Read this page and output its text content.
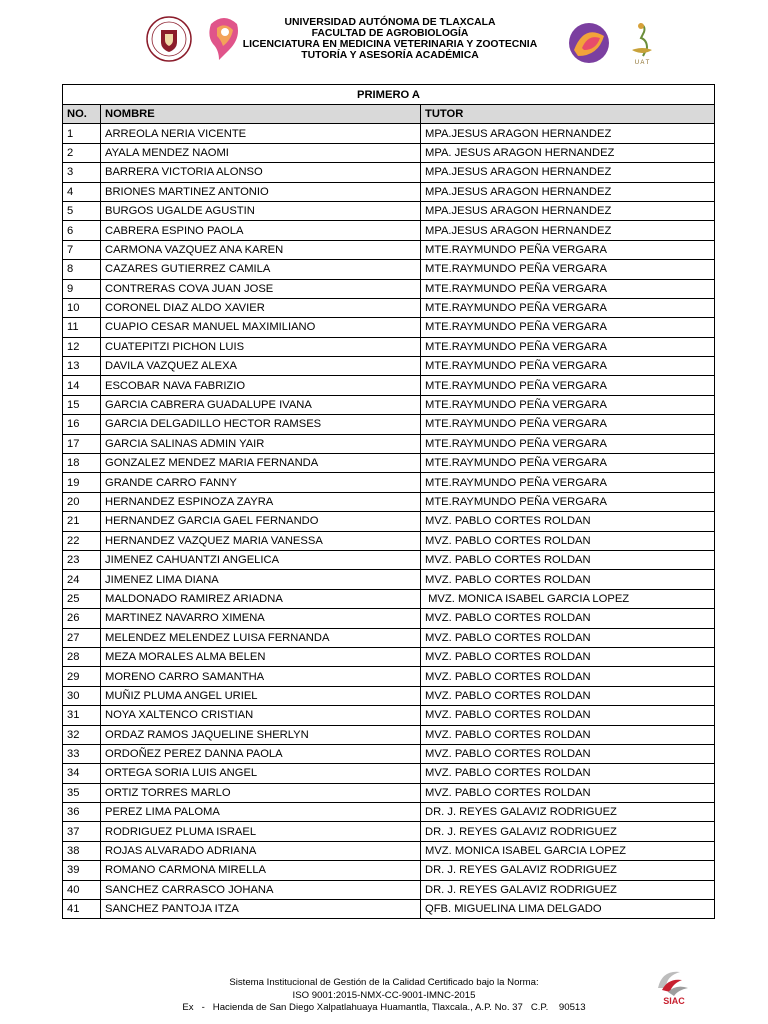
UNIVERSIDAD AUTÓNOMA DE TLAXCALA
FACULTAD DE AGROBIOLOGÍA
LICENCIATURA EN MEDICINA VETERINARIA Y ZOOTECNIA
TUTORÍA Y ASESORÍA ACADÉMICA
U A T
PRIMERO A		
NO.	NOMBRE	TUTOR
1	ARREOLA NERIA VICENTE	MPA.JESUS ARAGON HERNANDEZ
2	AYALA MENDEZ NAOMI	MPA. JESUS ARAGON HERNANDEZ
3	BARRERA VICTORIA ALONSO	MPA.JESUS ARAGON HERNANDEZ
4	BRIONES MARTINEZ ANTONIO	MPA.JESUS ARAGON HERNANDEZ
5	BURGOS UGALDE AGUSTIN	MPA.JESUS ARAGON HERNANDEZ
6	CABRERA ESPINO PAOLA	MPA.JESUS ARAGON HERNANDEZ
7	CARMONA VAZQUEZ ANA KAREN	MTE.RAYMUNDO PEÑA VERGARA
8	CAZARES GUTIERREZ CAMILA	MTE.RAYMUNDO PEÑA VERGARA
9	CONTRERAS COVA JUAN JOSE	MTE.RAYMUNDO PEÑA VERGARA
10	CORONEL DIAZ ALDO XAVIER	MTE.RAYMUNDO PEÑA VERGARA
11	CUAPIO CESAR MANUEL MAXIMILIANO	MTE.RAYMUNDO PEÑA VERGARA
12	CUATEPITZI PICHON LUIS	MTE.RAYMUNDO PEÑA VERGARA
13	DAVILA VAZQUEZ ALEXA	MTE.RAYMUNDO PEÑA VERGARA
14	ESCOBAR NAVA FABRIZIO	MTE.RAYMUNDO PEÑA VERGARA
15	GARCIA CABRERA GUADALUPE IVANA	MTE.RAYMUNDO PEÑA VERGARA
16	GARCIA DELGADILLO HECTOR RAMSES	MTE.RAYMUNDO PEÑA VERGARA
17	GARCIA SALINAS ADMIN YAIR	MTE.RAYMUNDO PEÑA VERGARA
18	GONZALEZ MENDEZ MARIA FERNANDA	MTE.RAYMUNDO PEÑA VERGARA
19	GRANDE CARRO FANNY	MTE.RAYMUNDO PEÑA VERGARA
20	HERNANDEZ ESPINOZA ZAYRA	MTE.RAYMUNDO PEÑA VERGARA
21	HERNANDEZ GARCIA GAEL FERNANDO	MVZ. PABLO CORTES ROLDAN
22	HERNANDEZ VAZQUEZ MARIA VANESSA	MVZ. PABLO CORTES ROLDAN
23	JIMENEZ CAHUANTZI ANGELICA	MVZ. PABLO CORTES ROLDAN
24	JIMENEZ LIMA DIANA	MVZ. PABLO CORTES ROLDAN
25	MALDONADO RAMIREZ ARIADNA	MVZ. MONICA ISABEL GARCIA LOPEZ
26	MARTINEZ NAVARRO XIMENA	MVZ. PABLO CORTES ROLDAN
27	MELENDEZ MELENDEZ LUISA FERNANDA	MVZ. PABLO CORTES ROLDAN
28	MEZA MORALES ALMA BELEN	MVZ. PABLO CORTES ROLDAN
29	MORENO CARRO SAMANTHA	MVZ. PABLO CORTES ROLDAN
30	MUÑIZ PLUMA ANGEL URIEL	MVZ. PABLO CORTES ROLDAN
31	NOYA XALTENCO CRISTIAN	MVZ. PABLO CORTES ROLDAN
32	ORDAZ RAMOS JAQUELINE SHERLYN	MVZ. PABLO CORTES ROLDAN
33	ORDOÑEZ PEREZ DANNA PAOLA	MVZ. PABLO CORTES ROLDAN
34	ORTEGA SORIA LUIS ANGEL	MVZ. PABLO CORTES ROLDAN
35	ORTIZ TORRES MARLO	MVZ. PABLO CORTES ROLDAN
36	PEREZ LIMA PALOMA	DR. J. REYES GALAVIZ RODRIGUEZ
37	RODRIGUEZ PLUMA ISRAEL	DR. J. REYES GALAVIZ RODRIGUEZ
38	ROJAS ALVARADO ADRIANA	MVZ. MONICA ISABEL GARCIA LOPEZ
39	ROMANO CARMONA MIRELLA	DR. J. REYES GALAVIZ RODRIGUEZ
40	SANCHEZ CARRASCO JOHANA	DR. J. REYES GALAVIZ RODRIGUEZ
41	SANCHEZ PANTOJA ITZA	QFB. MIGUELINA LIMA DELGADO
Sistema Institucional de Gestión de la Calidad Certificado bajo la Norma:
ISO 9001:2015-NMX-CC-9001-IMNC-2015
Ex   -   Hacienda de San Diego Xalpatlahuaya Huamantla, Tlaxcala., A.P. No. 37   C.P.    90513
SIAC
